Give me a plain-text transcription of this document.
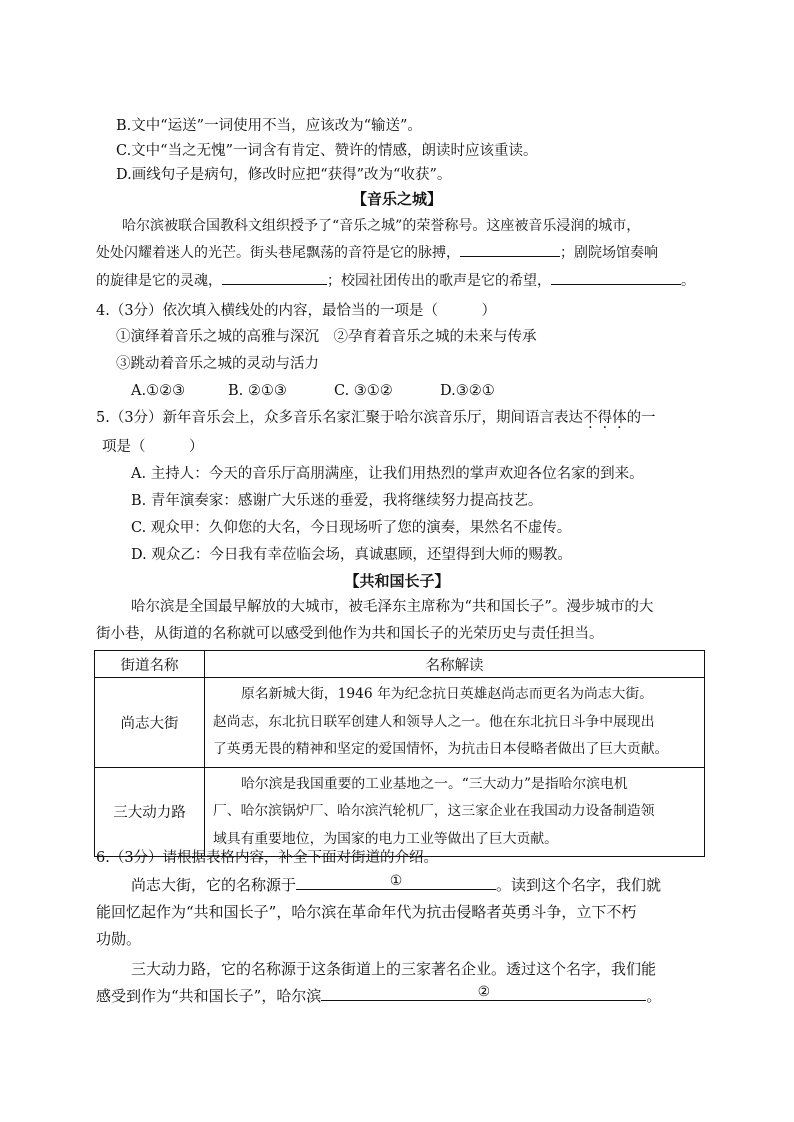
B.文中“运送”一词使用不当，应该改为“输送”。
C.文中“当之无愧”一词含有肯定、赞许的情感，朗读时应该重读。
D.画线句子是病句，修改时应把“获得”改为“收获”。
【音乐之城】
哈尔滨被联合国教科文组织授予了“音乐之城”的荣誉称号。这座被音乐浸润的城市，
处处闪耀着迷人的光芒。街头巷尾飘荡的音符是它的脉搏，	；剧院场馆奏响
的旋律是它的灵魂，	；校园社团传出的歌声是它的希望，	。
4.（3分）依次填入横线处的内容，最恰当的一项是（　　　）
①演绎着音乐之城的高雅与深沉　②孕育着音乐之城的未来与传承
③跳动着音乐之城的灵动与活力
A.①②③	B. ②①③	C. ③①②	D.③②①
5.（3分）新年音乐会上，众多音乐名家汇聚于哈尔滨音乐厅，期间语言表达不得体的一
项是（　　　）
A. 主持人：今天的音乐厅高朋满座，让我们用热烈的掌声欢迎各位名家的到来。
B. 青年演奏家：感谢广大乐迷的垂爱，我将继续努力提高技艺。
C. 观众甲：久仰您的大名，今日现场听了您的演奏，果然名不虚传。
D. 观众乙：今日我有幸莅临会场，真诚惠顾，还望得到大师的赐教。
【共和国长子】
哈尔滨是全国最早解放的大城市，被毛泽东主席称为“共和国长子”。漫步城市的大
街小巷，从街道的名称就可以感受到他作为共和国长子的光荣历史与责任担当。
街道名称	名称解读
尚志大街	原名新城大街，1946 年为纪念抗日英雄赵尚志而更名为尚志大街。
赵尚志，东北抗日联军创建人和领导人之一。他在东北抗日斗争中展现出
了英勇无畏的精神和坚定的爱国情怀，为抗击日本侵略者做出了巨大贡献。

三大动力路	哈尔滨是我国重要的工业基地之一。“三大动力”是指哈尔滨电机
厂、哈尔滨锅炉厂、哈尔滨汽轮机厂，这三家企业在我国动力设备制造领
域具有重要地位，为国家的电力工业等做出了巨大贡献。
6.（3分）请根据表格内容，补全下面对街道的介绍。
尚志大街，它的名称源于	①	。读到这个名字，我们就
能回忆起作为“共和国长子”，哈尔滨在革命年代为抗击侵略者英勇斗争，立下不朽
功勋。
三大动力路，它的名称源于这条街道上的三家著名企业。透过这个名字，我们能
感受到作为“共和国长子”，哈尔滨	②	。
